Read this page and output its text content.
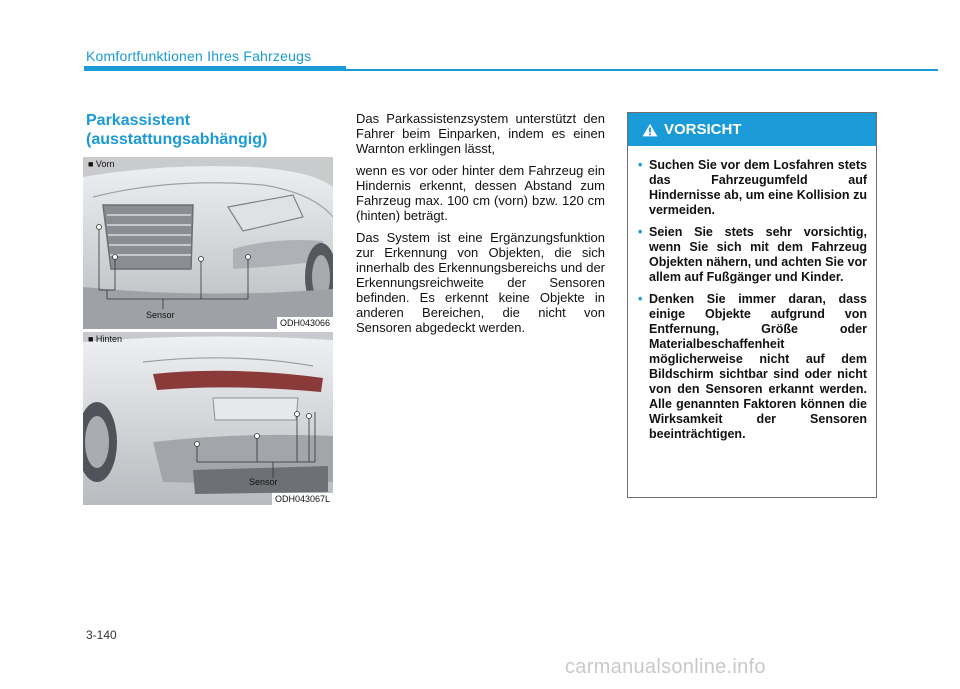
Komfortfunktionen Ihres Fahrzeugs
Parkassistent
(ausstattungsabhängig)
■ Vorn
Sensor
ODH043066
■ Hinten
Sensor
ODH043067L

Das Parkassistenzsystem unterstützt den Fahrer beim Einparken, indem es einen Warnton erklingen lässt,

wenn es vor oder hinter dem Fahrzeug ein Hindernis erkennt, dessen Abstand zum Fahrzeug max. 100 cm (vorn) bzw. 120 cm (hinten) beträgt.

Das System ist eine Ergänzungsfunktion zur Erkennung von Objekten, die sich innerhalb des Erkennungsbereichs und der Erkennungsreichweite der Sensoren befinden. Es erkennt keine Objekte in anderen Bereichen, die nicht von Sensoren abgedeckt werden.

VORSICHT
• Suchen Sie vor dem Losfahren stets das Fahrzeugumfeld auf Hindernisse ab, um eine Kollision zu vermeiden.
• Seien Sie stets sehr vorsichtig, wenn Sie sich mit dem Fahrzeug Objekten nähern, und achten Sie vor allem auf Fußgänger und Kinder.
• Denken Sie immer daran, dass einige Objekte aufgrund von Entfernung, Größe oder Materialbeschaffenheit möglicherweise nicht auf dem Bildschirm sichtbar sind oder nicht von den Sensoren erkannt werden. Alle genannten Faktoren können die Wirksamkeit der Sensoren beeinträchtigen.
3-140
carmanualsonline.info
